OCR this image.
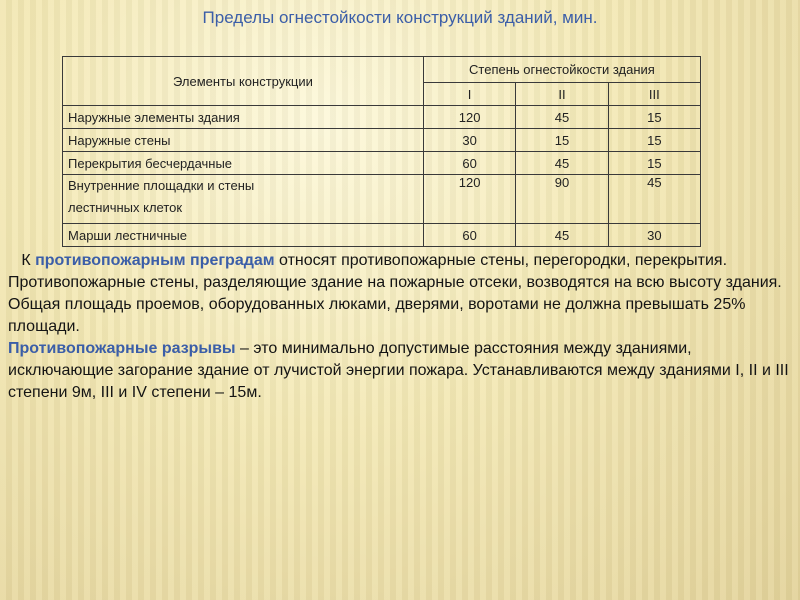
Пределы огнестойкости конструкций зданий, мин.
Элементы конструкции	Степень огнестойкости здания		
	I	II	III
Наружные элементы здания	120	45	15
Наружные стены	30	15	15
Перекрытия бесчердачные	60	45	15

Внутренние площадки и стены
лестничных клеток	120	90	45
Марши лестничные	60	45	30

К противопожарным преградам относят противопожарные стены, перегородки, перекрытия. Противопожарные стены, разделяющие здание на пожарные отсеки, возводятся на всю высоту здания. Общая площадь проемов, оборудованных люками, дверями, воротами не должна превышать 25% площади.
Противопожарные разрывы – это минимально допустимые расстояния между зданиями, исключающие загорание здание от лучистой энергии пожара. Устанавливаются между зданиями I, II и III степени 9м, III и IV степени – 15м.
